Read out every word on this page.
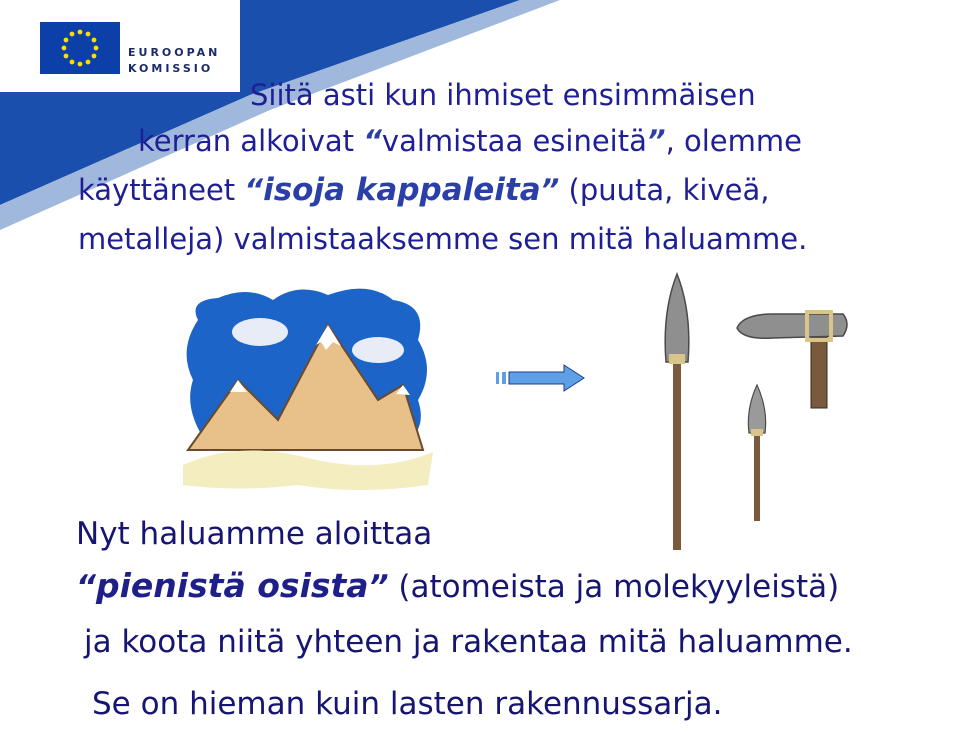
EUROOPAN
KOMISSIO
Yhteisötutkimus	Siitä asti kun ihmiset ensimmäisen
kerran alkoivat “valmistaa esineitä”, olemme
käyttäneet “isoja kappaleita” (puuta, kiveä,
metalleja) valmistaaksemme sen mitä haluamme.
Nyt haluamme aloittaa
“pienistä osista” (atomeista ja molekyyleistä)
ja koota niitä yhteen ja rakentaa mitä haluamme.
Se on hieman kuin lasten rakennussarja.
